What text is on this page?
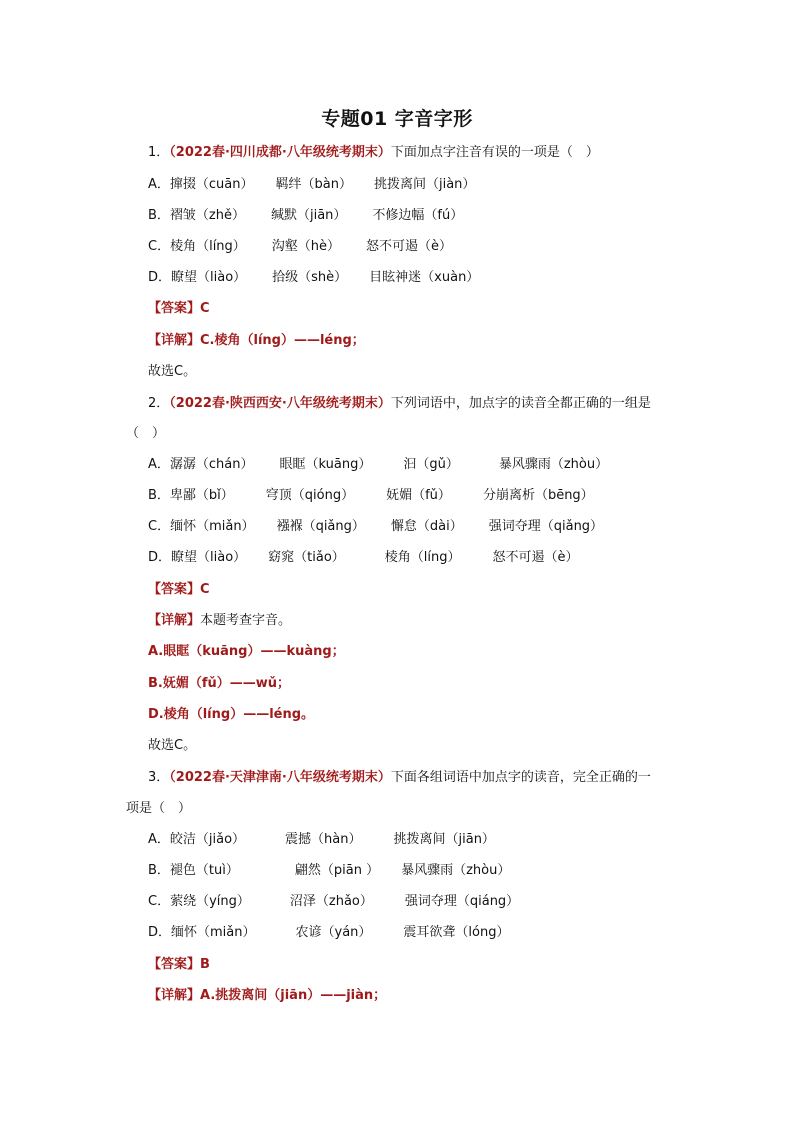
专题01 字音字形
1．（2022春·四川成都·八年级统考期末）下面加点字注音有误的一项是（　）
A．撺掇（cuān） 羁绊（bàn） 挑拨离间（jiàn）
B．褶皱（zhě） 缄默（jiān） 不修边幅（fú）
C．棱角（líng） 沟壑（hè） 怒不可遏（è）
D．瞭望（liào） 拾级（shè） 目眩神迷（xuàn）
【答案】C
【详解】C.棱角（líng）——léng；
故选C。
2．（2022春·陕西西安·八年级统考期末）下列词语中，加点字的读音全都正确的一组是
（　）
A．潺潺（chán） 眼眶（kuāng） 汩（gǔ）	暴风骤雨（zhòu）
B．卑鄙（bǐ） 穹顶（qióng） 妩媚（fǔ） 分崩离析（bēng）
C．缅怀（miǎn） 襁褓（qiǎng） 懈怠（dài） 强词夺理（qiǎng）
D．瞭望（liào） 窈窕（tiǎo）	棱角（líng） 怒不可遏（è）
【答案】C
【详解】本题考查字音。
A.眼眶（kuāng）——kuàng；
B.妩媚（fǔ）——wǔ；
D.棱角（líng）——léng。
故选C。
3．（2022春·天津津南·八年级统考期末）下面各组词语中加点字的读音，完全正确的一
项是（　）
A．皎洁（jiǎo）	震撼（hàn） 挑拨离间（jiān）
B．褪色（tuì）	翩然（piān ） 暴风骤雨（zhòu）
C．萦绕（yíng）	沼泽（zhǎo） 强词夺理（qiáng）
D．缅怀（miǎn）	农谚（yán） 震耳欲聋（lóng）
【答案】B
【详解】A.挑拨离间（jiān）——jiàn；
